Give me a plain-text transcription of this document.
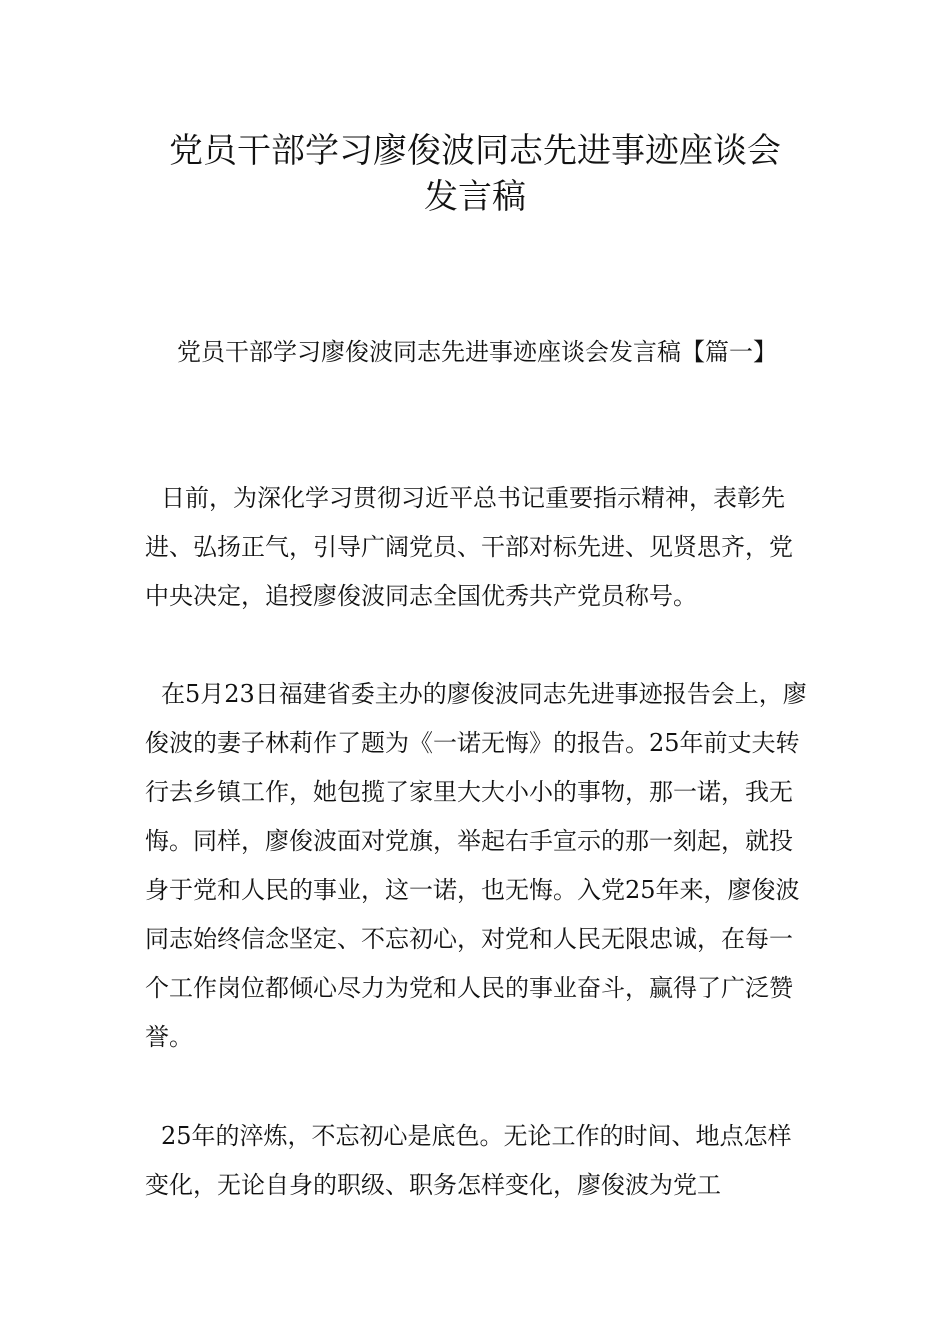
党员干部学习廖俊波同志先进事迹座谈会
发言稿

党员干部学习廖俊波同志先进事迹座谈会发言稿【篇一】

日前，为深化学习贯彻习近平总书记重要指示精神，表彰先进、弘扬正气，引导广阔党员、干部对标先进、见贤思齐，党中央决定，追授廖俊波同志全国优秀共产党员称号。

在5月23日福建省委主办的廖俊波同志先进事迹报告会上，廖俊波的妻子林莉作了题为《一诺无悔》的报告。25年前丈夫转行去乡镇工作，她包揽了家里大大小小的事物，那一诺，我无悔。同样，廖俊波面对党旗，举起右手宣示的那一刻起，就投身于党和人民的事业，这一诺，也无悔。入党25年来，廖俊波同志始终信念坚定、不忘初心，对党和人民无限忠诚，在每一个工作岗位都倾心尽力为党和人民的事业奋斗，赢得了广泛赞誉。

25年的淬炼，不忘初心是底色。无论工作的时间、地点怎样变化，无论自身的职级、职务怎样变化，廖俊波为党工
